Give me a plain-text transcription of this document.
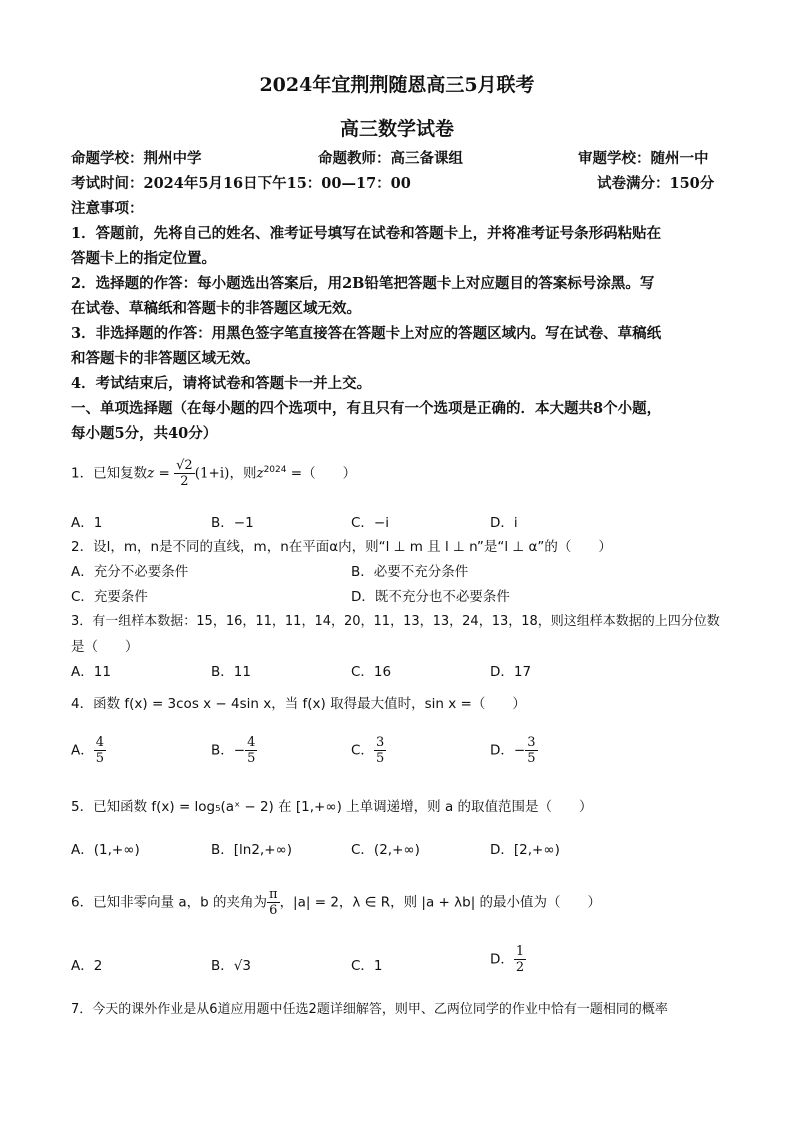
2024年宜荆荆随恩高三5月联考
高三数学试卷
命题学校：荆州中学	命题教师：高三备课组	审题学校：随州一中
考试时间：2024年5月16日下午15：00—17：00	试卷满分：150分
注意事项：
1．答题前，先将自己的姓名、准考证号填写在试卷和答题卡上，并将准考证号条形码粘贴在
答题卡上的指定位置。
2．选择题的作答：每小题选出答案后，用2B铅笔把答题卡上对应题目的答案标号涂黑。写
在试卷、草稿纸和答题卡的非答题区域无效。
3．非选择题的作答：用黑色签字笔直接答在答题卡上对应的答题区域内。写在试卷、草稿纸
和答题卡的非答题区域无效。
4．考试结束后，请将试卷和答题卡一并上交。
一、单项选择题（在每小题的四个选项中，有且只有一个选项是正确的．本大题共8个小题，
每小题5分，共40分）
1．已知复数$z = \frac{√2}{2} (1+i)$，则$z^{2024}$ =（　　）
A．1	B．−1	C．−i	D．i
2．设l，m，n是不同的直线，m，n在平面α内，则“l ⊥ m 且 l ⊥ n”是“l ⊥ α”的（　　）
A．充分不必要条件	B．必要不充分条件
C．充要条件	D．既不充分也不必要条件
3．有一组样本数据：15，16，11，11，14，20，11，13，13，24，13，18，则这组样本数据的上四分位数
是（　　）
A．11	B．11	C．16	D．17
4．函数 f(x) = 3cos x − 4sin x，当 f(x) 取得最大值时，sin x =（　　）
A． $\frac{4}{5}$	B．− $\frac{4}{5}$	C． $\frac{3}{5}$	D．− $\frac{3}{5}$
5．已知函数 f(x) = log₅(aˣ − 2) 在 [1,+∞) 上单调递增，则 a 的取值范围是（　　）
A．(1,+∞)	B．[ln2,+∞)	C．(2,+∞)	D．[2,+∞)
6．已知非零向量 a，b 的夹角为 $\frac{\pi}{6}$ ，|a| = 2，λ ∈ R，则 |a + λb| 的最小值为（　　）
A．2	B．√3	C．1	D． $\frac{1}{2}$
7．今天的课外作业是从6道应用题中任选2题详细解答，则甲、乙两位同学的作业中恰有一题相同的概率
